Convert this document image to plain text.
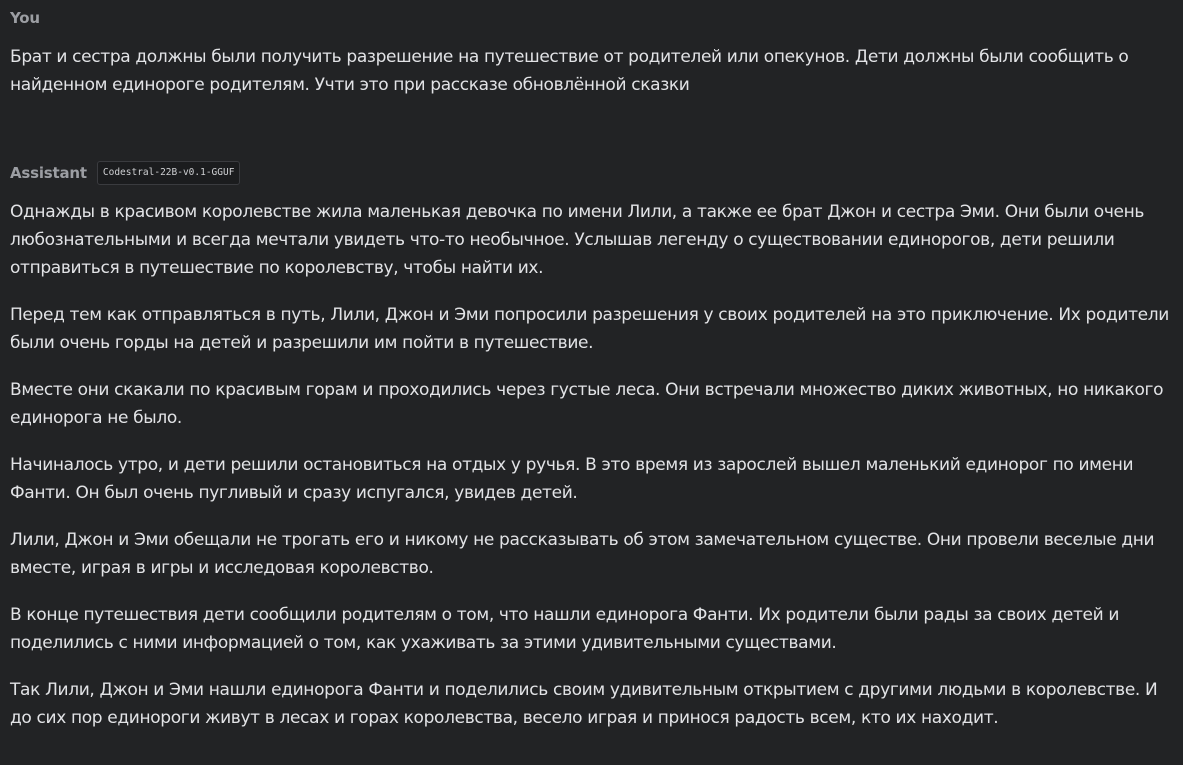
You

Брат и сестра должны были получить разрешение на путешествие от родителей или опекунов. Дети должны были сообщить о найденном единороге родителям. Учти это при рассказе обновлённой сказки

Assistant	Codestral-22B-v0.1-GGUF

Однажды в красивом королевстве жила маленькая девочка по имени Лили, а также ее брат Джон и сестра Эми. Они были очень любознательными и всегда мечтали увидеть что-то необычное. Услышав легенду о существовании единорогов, дети решили отправиться в путешествие по королевству, чтобы найти их.

Перед тем как отправляться в путь, Лили, Джон и Эми попросили разрешения у своих родителей на это приключение. Их родители были очень горды на детей и разрешили им пойти в путешествие.

Вместе они скакали по красивым горам и проходились через густые леса. Они встречали множество диких животных, но никакого единорога не было.

Начиналось утро, и дети решили остановиться на отдых у ручья. В это время из зарослей вышел маленький единорог по имени Фанти. Он был очень пугливый и сразу испугался, увидев детей.

Лили, Джон и Эми обещали не трогать его и никому не рассказывать об этом замечательном существе. Они провели веселые дни вместе, играя в игры и исследовая королевство.

В конце путешествия дети сообщили родителям о том, что нашли единорога Фанти. Их родители были рады за своих детей и поделились с ними информацией о том, как ухаживать за этими удивительными существами.

Так Лили, Джон и Эми нашли единорога Фанти и поделились своим удивительным открытием с другими людьми в королевстве. И до сих пор единороги живут в лесах и горах королевства, весело играя и принося радость всем, кто их находит.
